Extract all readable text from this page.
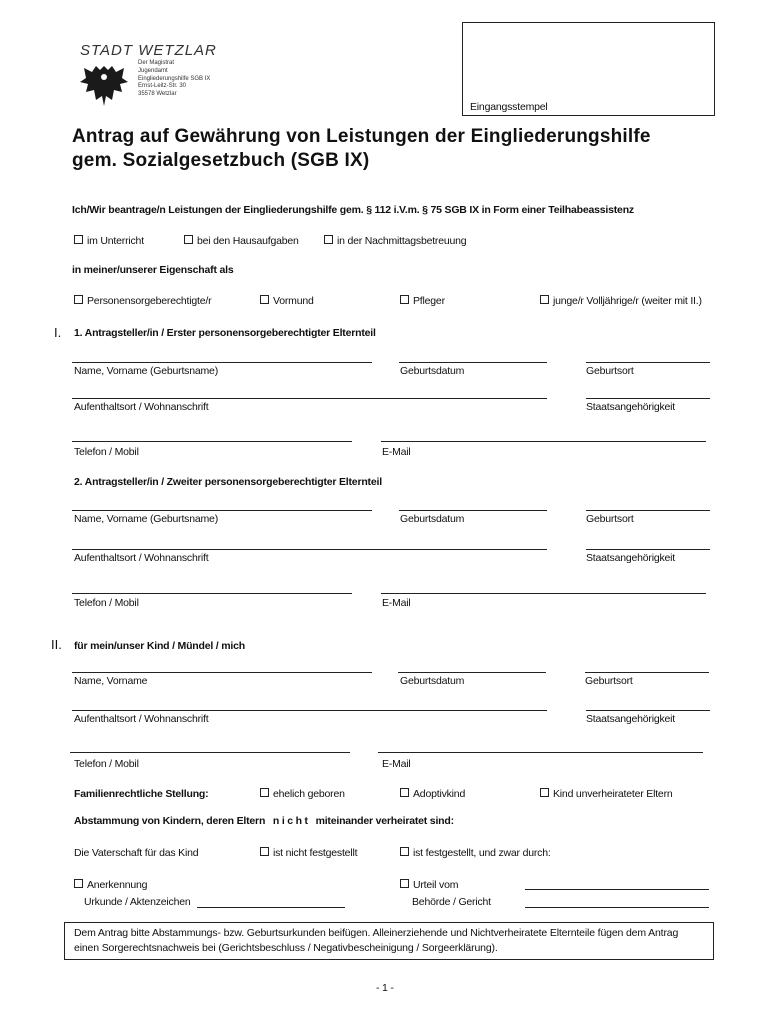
STADT WETZLAR
Der Magistrat
Jugendamt
Eingliederungshilfe SGB IX
Ernst-Leitz-Str. 30
35578 Wetzlar
Eingangsstempel
Antrag auf Gewährung von Leistungen der Eingliederungshilfe
gem. Sozialgesetzbuch (SGB IX)
Ich/Wir beantrage/n Leistungen der Eingliederungshilfe gem. § 112 i.V.m. § 75 SGB IX in Form einer Teilhabeassistenz
im Unterricht	bei den Hausaufgaben	in der Nachmittagsbetreuung
in meiner/unserer Eigenschaft als
Personensorgeberechtigte/r	Vormund	Pfleger	junge/r Volljährige/r (weiter mit II.)
I. 1. Antragsteller/in / Erster personensorgeberechtigter Elternteil
Name, Vorname (Geburtsname)	Geburtsdatum	Geburtsort
Aufenthaltsort / Wohnanschrift	Staatsangehörigkeit
Telefon / Mobil	E-Mail
2. Antragsteller/in / Zweiter personensorgeberechtigter Elternteil
Name, Vorname (Geburtsname)	Geburtsdatum	Geburtsort
Aufenthaltsort / Wohnanschrift	Staatsangehörigkeit
Telefon / Mobil	E-Mail
II. für mein/unser Kind / Mündel / mich
Name, Vorname	Geburtsdatum	Geburtsort
Aufenthaltsort / Wohnanschrift	Staatsangehörigkeit
Telefon / Mobil	E-Mail
Familienrechtliche Stellung:	ehelich geboren	Adoptivkind	Kind unverheirateter Eltern
Abstammung von Kindern, deren Eltern n i c h t miteinander verheiratet sind:
Die Vaterschaft für das Kind	ist nicht festgestellt	ist festgestellt, und zwar durch:
Anerkennung	Urteil vom
Urkunde / Aktenzeichen	Behörde / Gericht
Dem Antrag bitte Abstammungs- bzw. Geburtsurkunden beifügen. Alleinerziehende und Nichtverheiratete Elternteile fügen dem Antrag
einen Sorgerechtsnachweis bei (Gerichtsbeschluss / Negativbescheinigung / Sorgeerklärung).
- 1 -
